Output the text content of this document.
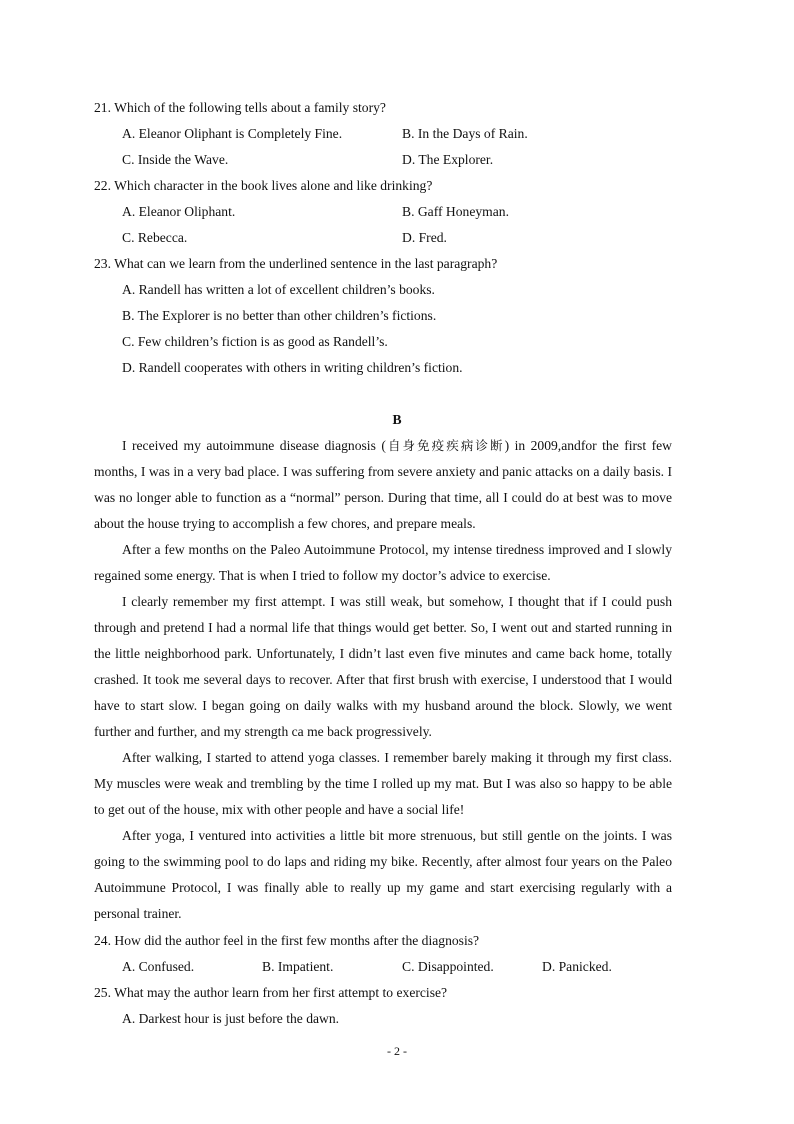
21. Which of the following tells about a family story?
A. Eleanor Oliphant is Completely Fine.	B. In the Days of Rain.
C. Inside the Wave.	D. The Explorer.
22. Which character in the book lives alone and like drinking?
A. Eleanor Oliphant.	B. Gaff Honeyman.
C. Rebecca.	D. Fred.
23. What can we learn from the underlined sentence in the last paragraph?
A. Randell has written a lot of excellent children’s books.
B. The Explorer is no better than other children’s fictions.
C. Few children’s fiction is as good as Randell’s.
D. Randell cooperates with others in writing children’s fiction.
B

I received my autoimmune disease diagnosis (自身免疫疾病诊断) in 2009,andfor the first few months, I was in a very bad place. I was suffering from severe anxiety and panic attacks on a daily basis. I was no longer able to function as a “normal” person. During that time, all I could do at best was to move about the house trying to accomplish a few chores, and prepare meals.

After a few months on the Paleo Autoimmune Protocol, my intense tiredness improved and I slowly regained some energy. That is when I tried to follow my doctor’s advice to exercise.

I clearly remember my first attempt. I was still weak, but somehow, I thought that if I could push through and pretend I had a normal life that things would get better. So, I went out and started running in the little neighborhood park. Unfortunately, I didn’t last even five minutes and came back home, totally crashed. It took me several days to recover. After that first brush with exercise, I understood that I would have to start slow. I began going on daily walks with my husband around the block. Slowly, we went further and further, and my strength ca me back progressively.

After walking, I started to attend yoga classes. I remember barely making it through my first class. My muscles were weak and trembling by the time I rolled up my mat. But I was also so happy to be able to get out of the house, mix with other people and have a social life!

After yoga, I ventured into activities a little bit more strenuous, but still gentle on the joints. I was going to the swimming pool to do laps and riding my bike. Recently, after almost four years on the Paleo Autoimmune Protocol, I was finally able to really up my game and start exercising regularly with a personal trainer.

24. How did the author feel in the first few months after the diagnosis?
A. Confused.	B. Impatient.	C. Disappointed.	D. Panicked.
25. What may the author learn from her first attempt to exercise?
A. Darkest hour is just before the dawn.
- 2 -
